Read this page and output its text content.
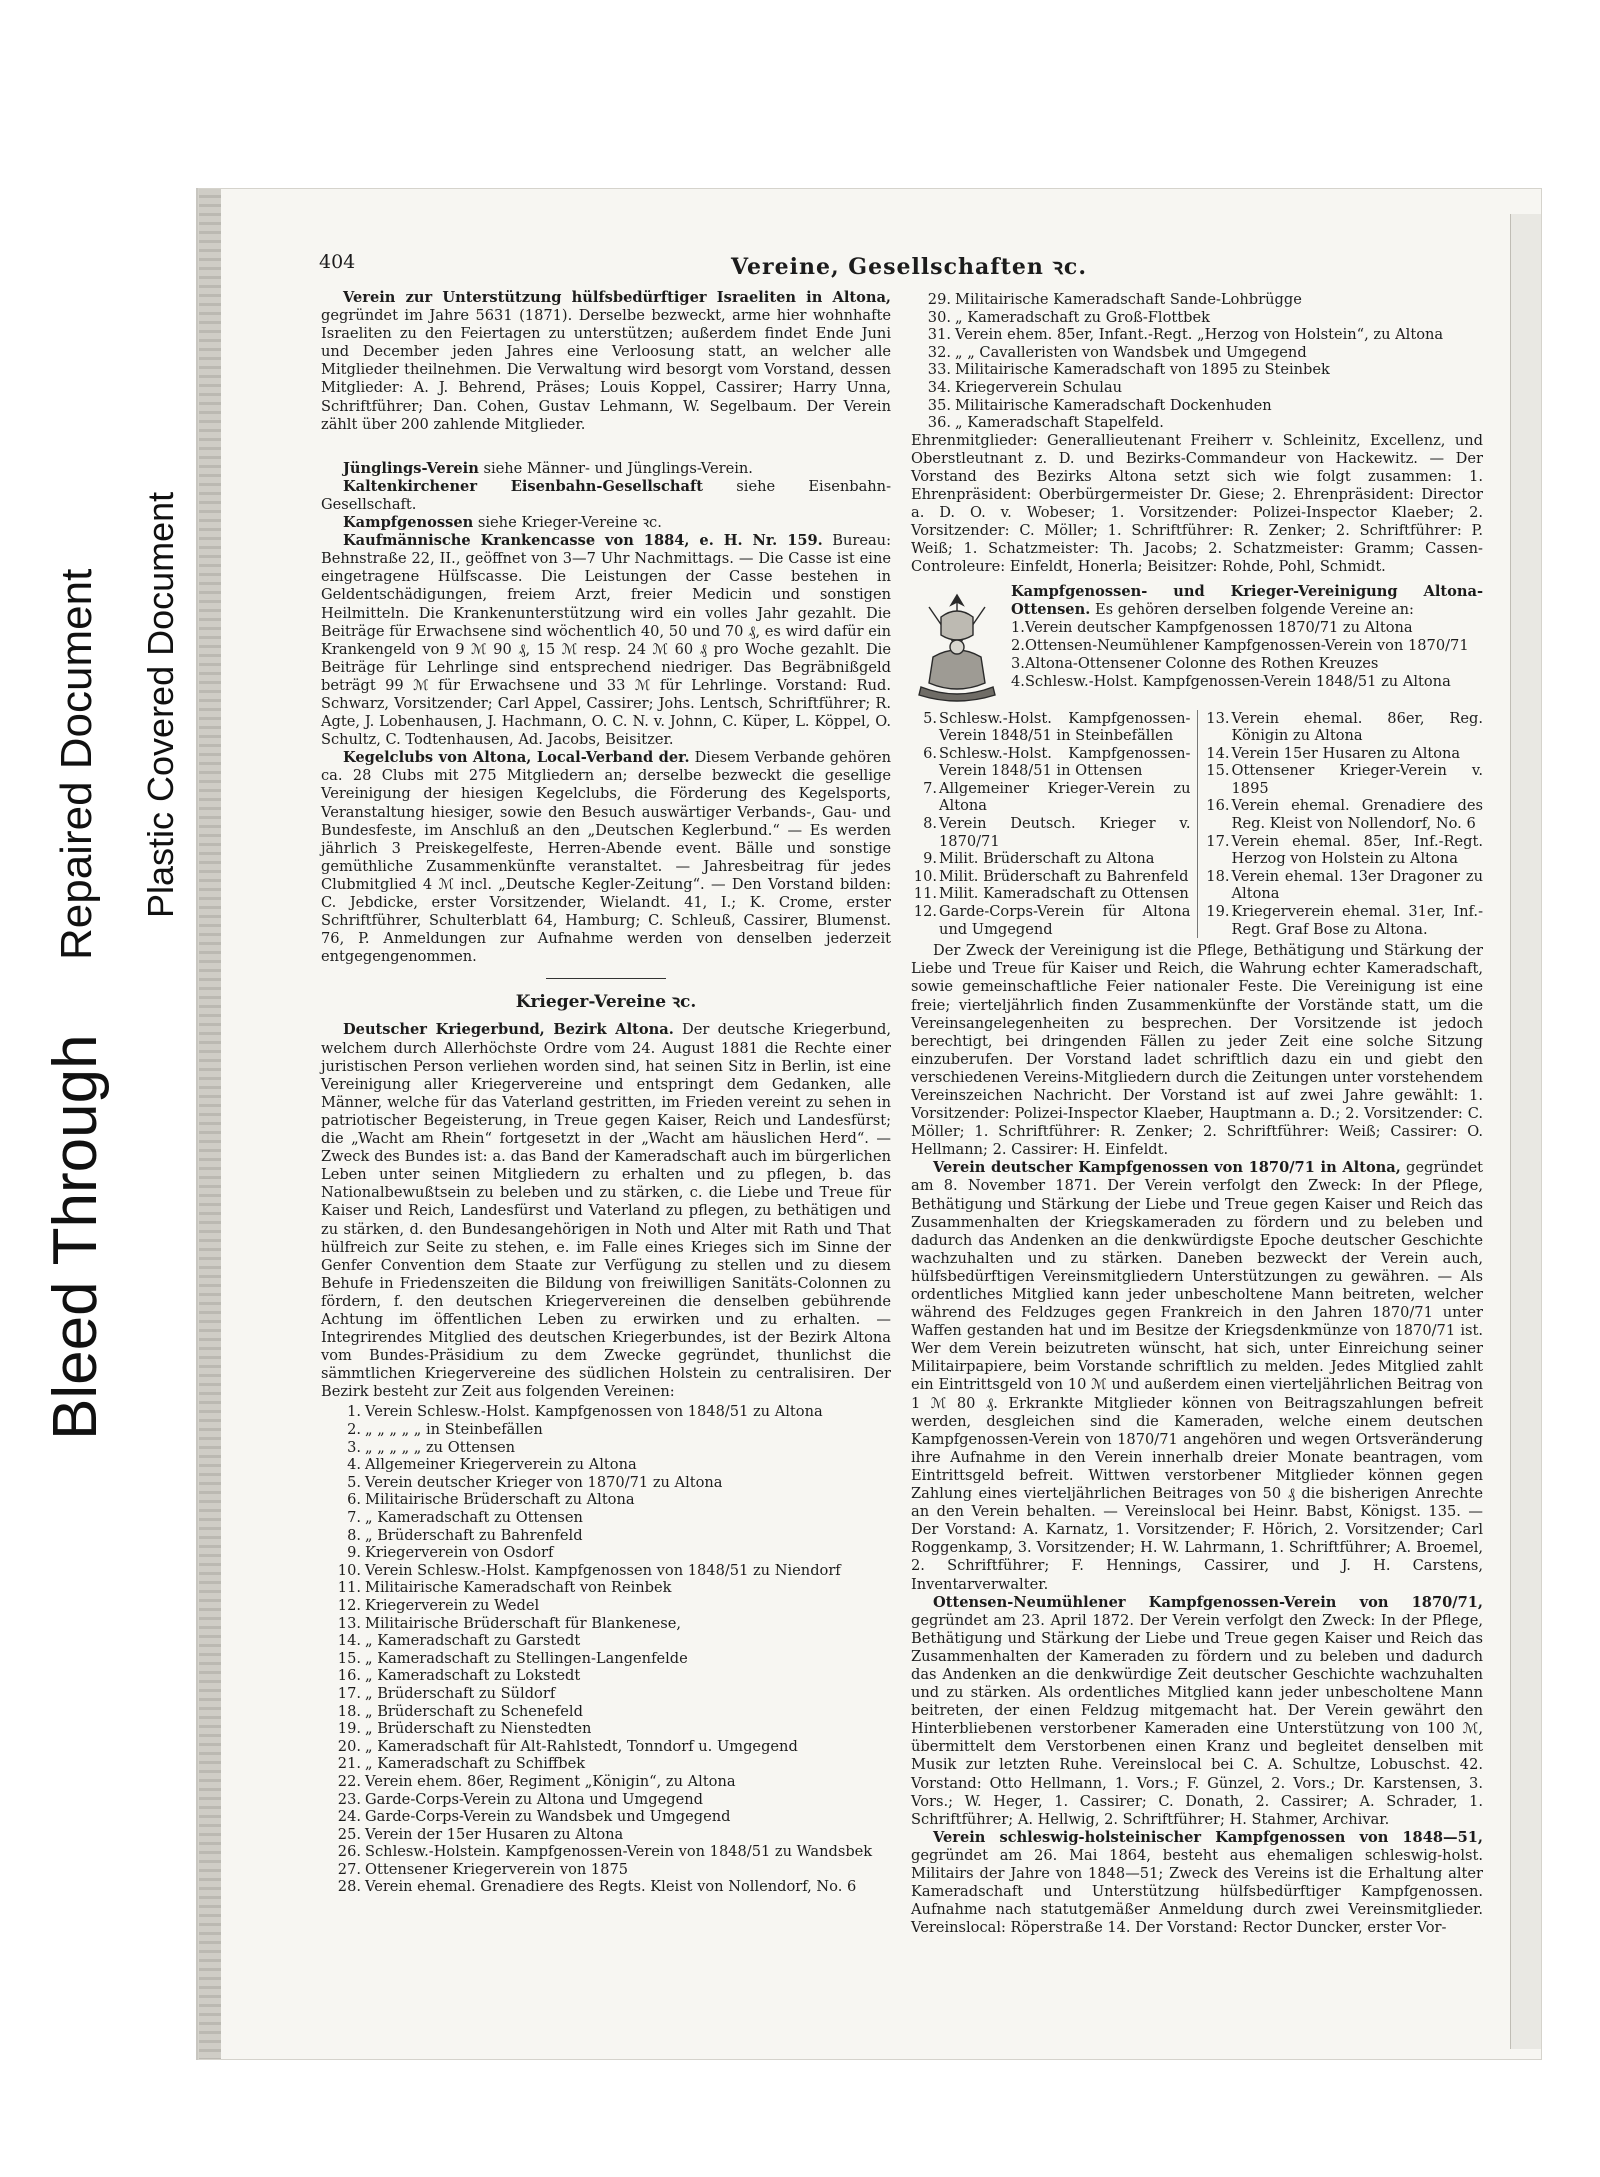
Bleed Through
Repaired Document Plastic Covered Document
404	Vereine, Gesellschaften ꝛc.

Verein zur Unterstützung hülfsbedürftiger Israeliten in Altona, gegründet im Jahre 5631 (1871). Derselbe bezweckt, arme hier wohnhafte Israeliten zu den Feiertagen zu unterstützen; außerdem findet Ende Juni und December jeden Jahres eine Verloosung statt, an welcher alle Mitglieder theilnehmen. Die Verwaltung wird besorgt vom Vorstand, dessen Mitglieder: A. J. Behrend, Präses; Louis Koppel, Cassirer; Harry Unna, Schriftführer; Dan. Cohen, Gustav Lehmann, W. Segelbaum. Der Verein zählt über 200 zahlende Mitglieder.

Jünglings-Verein siehe Männer- und Jünglings-Verein.

Kaltenkirchener Eisenbahn-Gesellschaft siehe Eisenbahn-Gesellschaft.

Kampfgenossen siehe Krieger-Vereine ꝛc.

Kaufmännische Krankencasse von 1884, e. H. Nr. 159. Bureau: Behnstraße 22, II., geöffnet von 3—7 Uhr Nachmittags. — Die Casse ist eine eingetragene Hülfscasse. Die Leistungen der Casse bestehen in Geldentschädigungen, freiem Arzt, freier Medicin und sonstigen Heilmitteln. Die Krankenunterstützung wird ein volles Jahr gezahlt. Die Beiträge für Erwachsene sind wöchentlich 40, 50 und 70 ₰, es wird dafür ein Krankengeld von 9 ℳ 90 ₰, 15 ℳ resp. 24 ℳ 60 ₰ pro Woche gezahlt. Die Beiträge für Lehrlinge sind entsprechend niedriger. Das Begräbnißgeld beträgt 99 ℳ für Erwachsene und 33 ℳ für Lehrlinge. Vorstand: Rud. Schwarz, Vorsitzender; Carl Appel, Cassirer; Johs. Lentsch, Schriftführer; R. Agte, J. Lobenhausen, J. Hachmann, O. C. N. v. Johnn, C. Küper, L. Köppel, O. Schultz, C. Todtenhausen, Ad. Jacobs, Beisitzer.

Kegelclubs von Altona, Local-Verband der. Diesem Verbande gehören ca. 28 Clubs mit 275 Mitgliedern an; derselbe bezweckt die gesellige Vereinigung der hiesigen Kegelclubs, die Förderung des Kegelsports, Veranstaltung hiesiger, sowie den Besuch auswärtiger Verbands-, Gau- und Bundesfeste, im Anschluß an den „Deutschen Keglerbund.“ — Es werden jährlich 3 Preiskegelfeste, Herren-Abende event. Bälle und sonstige gemüthliche Zusammenkünfte veranstaltet. — Jahresbeitrag für jedes Clubmitglied 4 ℳ incl. „Deutsche Kegler-Zeitung“. — Den Vorstand bilden: C. Jebdicke, erster Vorsitzender, Wielandt. 41, I.; K. Crome, erster Schriftführer, Schulterblatt 64, Hamburg; C. Schleuß, Cassirer, Blumenst. 76, P. Anmeldungen zur Aufnahme werden von denselben jederzeit entgegengenommen.

Krieger-Vereine ꝛc.

Deutscher Kriegerbund, Bezirk Altona. Der deutsche Kriegerbund, welchem durch Allerhöchste Ordre vom 24. August 1881 die Rechte einer juristischen Person verliehen worden sind, hat seinen Sitz in Berlin, ist eine Vereinigung aller Kriegervereine und entspringt dem Gedanken, alle Männer, welche für das Vaterland gestritten, im Frieden vereint zu sehen in patriotischer Begeisterung, in Treue gegen Kaiser, Reich und Landesfürst; die „Wacht am Rhein“ fortgesetzt in der „Wacht am häuslichen Herd“. — Zweck des Bundes ist: a. das Band der Kameradschaft auch im bürgerlichen Leben unter seinen Mitgliedern zu erhalten und zu pflegen, b. das Nationalbewußtsein zu beleben und zu stärken, c. die Liebe und Treue für Kaiser und Reich, Landesfürst und Vaterland zu pflegen, zu bethätigen und zu stärken, d. den Bundesangehörigen in Noth und Alter mit Rath und That hülfreich zur Seite zu stehen, e. im Falle eines Krieges sich im Sinne der Genfer Convention dem Staate zur Verfügung zu stellen und zu diesem Behufe in Friedenszeiten die Bildung von freiwilligen Sanitäts-Colonnen zu fördern, f. den deutschen Kriegervereinen die denselben gebührende Achtung im öffentlichen Leben zu erwirken und zu erhalten. — Integrirendes Mitglied des deutschen Kriegerbundes, ist der Bezirk Altona vom Bundes-Präsidium zu dem Zwecke gegründet, thunlichst die sämmtlichen Kriegervereine des südlichen Holstein zu centralisiren. Der Bezirk besteht zur Zeit aus folgenden Vereinen:

1. Verein Schlesw.-Holst. Kampfgenossen von 1848/51 zu Altona
2. „ „ „ „ „ in Steinbefällen
3. „ „ „ „ „ zu Ottensen
4. Allgemeiner Kriegerverein zu Altona
5. Verein deutscher Krieger von 1870/71 zu Altona
6. Militairische Brüderschaft zu Altona
7. „ Kameradschaft zu Ottensen
8. „ Brüderschaft zu Bahrenfeld
9. Kriegerverein von Osdorf
10. Verein Schlesw.-Holst. Kampfgenossen von 1848/51 zu Niendorf
11. Militairische Kameradschaft von Reinbek
12. Kriegerverein zu Wedel
13. Militairische Brüderschaft für Blankenese,
14. „ Kameradschaft zu Garstedt
15. „ Kameradschaft zu Stellingen-Langenfelde
16. „ Kameradschaft zu Lokstedt
17. „ Brüderschaft zu Süldorf
18. „ Brüderschaft zu Schenefeld
19. „ Brüderschaft zu Nienstedten
20. „ Kameradschaft für Alt-Rahlstedt, Tonndorf u. Umgegend
21. „ Kameradschaft zu Schiffbek
22. Verein ehem. 86er, Regiment „Königin“, zu Altona
23. Garde-Corps-Verein zu Altona und Umgegend
24. Garde-Corps-Verein zu Wandsbek und Umgegend
25. Verein der 15er Husaren zu Altona
26. Schlesw.-Holstein. Kampfgenossen-Verein von 1848/51 zu Wandsbek
27. Ottensener Kriegerverein von 1875
28. Verein ehemal. Grenadiere des Regts. Kleist von Nollendorf, No. 6
29. Militairische Kameradschaft Sande-Lohbrügge
30. „ Kameradschaft zu Groß-Flottbek
31. Verein ehem. 85er, Infant.-Regt. „Herzog von Holstein“, zu Altona
32. „ „ Cavalleristen von Wandsbek und Umgegend
33. Militairische Kameradschaft von 1895 zu Steinbek
34. Kriegerverein Schulau
35. Militairische Kameradschaft Dockenhuden
36. „ Kameradschaft Stapelfeld.

Ehrenmitglieder: Generallieutenant Freiherr v. Schleinitz, Excellenz, und Oberstleutnant z. D. und Bezirks-Commandeur von Hackewitz. — Der Vorstand des Bezirks Altona setzt sich wie folgt zusammen: 1. Ehrenpräsident: Oberbürgermeister Dr. Giese; 2. Ehrenpräsident: Director a. D. O. v. Wobeser; 1. Vorsitzender: Polizei-Inspector Klaeber; 2. Vorsitzender: C. Möller; 1. Schriftführer: R. Zenker; 2. Schriftführer: P. Weiß; 1. Schatzmeister: Th. Jacobs; 2. Schatzmeister: Gramm; Cassen-Controleure: Einfeldt, Honerla; Beisitzer: Rohde, Pohl, Schmidt.

Kampfgenossen- und Krieger-Vereinigung Altona-Ottensen. Es gehören derselben folgende Vereine an:

1.Verein deutscher Kampfgenossen 1870/71 zu Altona
2.Ottensen-Neumühlener Kampfgenossen-Verein von 1870/71
3.Altona-Ottensener Colonne des Rothen Kreuzes
4.Schlesw.-Holst. Kampfgenossen-Verein 1848/51 zu Altona
5. Schlesw.-Holst. Kampfgenossen-Verein 1848/51 in Steinbefällen
6. Schlesw.-Holst. Kampfgenossen-Verein 1848/51 in Ottensen
7. Allgemeiner Krieger-Verein zu Altona
8. Verein Deutsch. Krieger v. 1870/71
9. Milit. Brüderschaft zu Altona
10. Milit. Brüderschaft zu Bahrenfeld
11. Milit. Kameradschaft zu Ottensen
12. Garde-Corps-Verein für Altona und Umgegend
13. Verein ehemal. 86er, Reg. Königin zu Altona
14. Verein 15er Husaren zu Altona
15. Ottensener Krieger-Verein v. 1895
16. Verein ehemal. Grenadiere des Reg. Kleist von Nollendorf, No. 6
17. Verein ehemal. 85er, Inf.-Regt. Herzog von Holstein zu Altona
18. Verein ehemal. 13er Dragoner zu Altona
19. Kriegerverein ehemal. 31er, Inf.-Regt. Graf Bose zu Altona.

Der Zweck der Vereinigung ist die Pflege, Bethätigung und Stärkung der Liebe und Treue für Kaiser und Reich, die Wahrung echter Kameradschaft, sowie gemeinschaftliche Feier nationaler Feste. Die Vereinigung ist eine freie; vierteljährlich finden Zusammenkünfte der Vorstände statt, um die Vereinsangelegenheiten zu besprechen. Der Vorsitzende ist jedoch berechtigt, bei dringenden Fällen zu jeder Zeit eine solche Sitzung einzuberufen. Der Vorstand ladet schriftlich dazu ein und giebt den verschiedenen Vereins-Mitgliedern durch die Zeitungen unter vorstehendem Vereinszeichen Nachricht. Der Vorstand ist auf zwei Jahre gewählt: 1. Vorsitzender: Polizei-Inspector Klaeber, Hauptmann a. D.; 2. Vorsitzender: C. Möller; 1. Schriftführer: R. Zenker; 2. Schriftführer: Weiß; Cassirer: O. Hellmann; 2. Cassirer: H. Einfeldt.

Verein deutscher Kampfgenossen von 1870/71 in Altona, gegründet am 8. November 1871. Der Verein verfolgt den Zweck: In der Pflege, Bethätigung und Stärkung der Liebe und Treue gegen Kaiser und Reich das Zusammenhalten der Kriegskameraden zu fördern und zu beleben und dadurch das Andenken an die denkwürdigste Epoche deutscher Geschichte wachzuhalten und zu stärken. Daneben bezweckt der Verein auch, hülfsbedürftigen Vereinsmitgliedern Unterstützungen zu gewähren. — Als ordentliches Mitglied kann jeder unbescholtene Mann beitreten, welcher während des Feldzuges gegen Frankreich in den Jahren 1870/71 unter Waffen gestanden hat und im Besitze der Kriegsdenkmünze von 1870/71 ist. Wer dem Verein beizutreten wünscht, hat sich, unter Einreichung seiner Militairpapiere, beim Vorstande schriftlich zu melden. Jedes Mitglied zahlt ein Eintrittsgeld von 10 ℳ und außerdem einen vierteljährlichen Beitrag von 1 ℳ 80 ₰. Erkrankte Mitglieder können von Beitragszahlungen befreit werden, desgleichen sind die Kameraden, welche einem deutschen Kampfgenossen-Verein von 1870/71 angehören und wegen Ortsveränderung ihre Aufnahme in den Verein innerhalb dreier Monate beantragen, vom Eintrittsgeld befreit. Wittwen verstorbener Mitglieder können gegen Zahlung eines vierteljährlichen Beitrages von 50 ₰ die bisherigen Anrechte an den Verein behalten. — Vereinslocal bei Heinr. Babst, Königst. 135. — Der Vorstand: A. Karnatz, 1. Vorsitzender; F. Hörich, 2. Vorsitzender; Carl Roggenkamp, 3. Vorsitzender; H. W. Lahrmann, 1. Schriftführer; A. Broemel, 2. Schriftführer; F. Hennings, Cassirer, und J. H. Carstens, Inventarverwalter.

Ottensen-Neumühlener Kampfgenossen-Verein von 1870/71, gegründet am 23. April 1872. Der Verein verfolgt den Zweck: In der Pflege, Bethätigung und Stärkung der Liebe und Treue gegen Kaiser und Reich das Zusammenhalten der Kameraden zu fördern und zu beleben und dadurch das Andenken an die denkwürdige Zeit deutscher Geschichte wachzuhalten und zu stärken. Als ordentliches Mitglied kann jeder unbescholtene Mann beitreten, der einen Feldzug mitgemacht hat. Der Verein gewährt den Hinterbliebenen verstorbener Kameraden eine Unterstützung von 100 ℳ, übermittelt dem Verstorbenen einen Kranz und begleitet denselben mit Musik zur letzten Ruhe. Vereinslocal bei C. A. Schultze, Lobuschst. 42. Vorstand: Otto Hellmann, 1. Vors.; F. Günzel, 2. Vors.; Dr. Karstensen, 3. Vors.; W. Heger, 1. Cassirer; C. Donath, 2. Cassirer; A. Schrader, 1. Schriftführer; A. Hellwig, 2. Schriftführer; H. Stahmer, Archivar.

Verein schleswig-holsteinischer Kampfgenossen von 1848—51, gegründet am 26. Mai 1864, besteht aus ehemaligen schleswig-holst. Militairs der Jahre von 1848—51; Zweck des Vereins ist die Erhaltung alter Kameradschaft und Unterstützung hülfsbedürftiger Kampfgenossen. Aufnahme nach statutgemäßer Anmeldung durch zwei Vereinsmitglieder. Vereinslocal: Röperstraße 14. Der Vorstand: Rector Duncker, erster Vor-
